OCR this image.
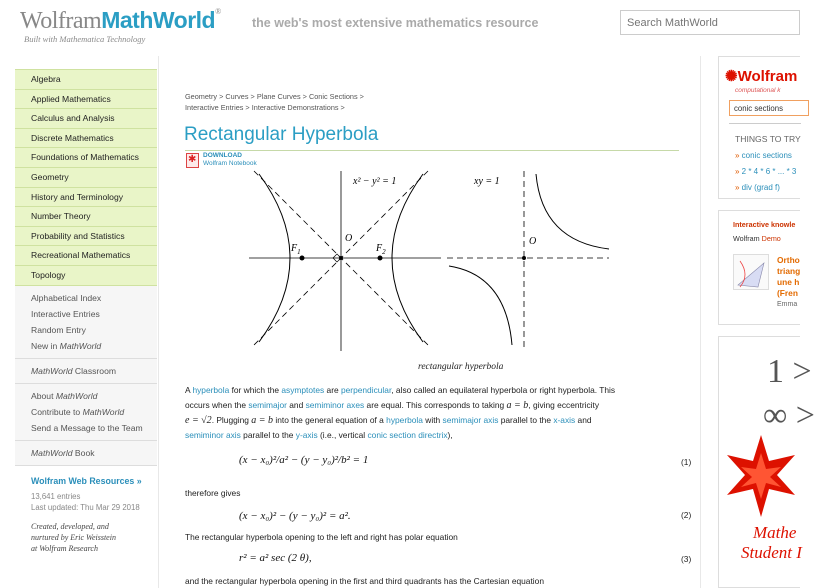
WolframMathWorld®
Built with Mathematica Technology
the web's most extensive mathematics resource
Search MathWorld
Algebra
Applied Mathematics
Calculus and Analysis
Discrete Mathematics
Foundations of Mathematics
Geometry
History and Terminology
Number Theory
Probability and Statistics
Recreational Mathematics
Topology
Alphabetical Index
Interactive Entries
Random Entry
New in MathWorld
MathWorld Classroom
About MathWorld
Contribute to MathWorld
Send a Message to the Team
MathWorld Book
Wolfram Web Resources »
13,641 entries
Last updated: Thu Mar 29 2018
Created, developed, and
nurtured by Eric Weisstein
at Wolfram Research
Geometry > Curves > Plane Curves > Conic Sections >
Interactive Entries > Interactive Demonstrations >
Rectangular Hyperbola
✱
DOWNLOAD
Wolfram Notebook
$F_1$	$F_2$
O
x² − y² = 1
O
xy = 1
rectangular hyperbola
A hyperbola for which the asymptotes are perpendicular, also called an equilateral hyperbola or right hyperbola. This
occurs when the semimajor and semiminor axes are equal. This corresponds to taking a = b, giving eccentricity
e = √2. Plugging a = b into the general equation of a hyperbola with semimajor axis parallel to the x-axis and
semiminor axis parallel to the y-axis (i.e., vertical conic section directrix),
(x − x₀)²/a² − (y − y₀)²/b² = 1	(1)
therefore gives
(x − x₀)² − (y − y₀)² = a².	(2)
The rectangular hyperbola opening to the left and right has polar equation
r² = a² sec (2 θ),	(3)
and the rectangular hyperbola opening in the first and third quadrants has the Cartesian equation
✺Wolfram
computational k
conic sections
THINGS TO TRY
» conic sections
» 2 * 4 * 6 * ... * 3
» div (grad f)
Interactive knowle
Wolfram Demo
Ortho
triang
une h
(Fren
Emma
1 >
∞ >
Mathe
Student I
